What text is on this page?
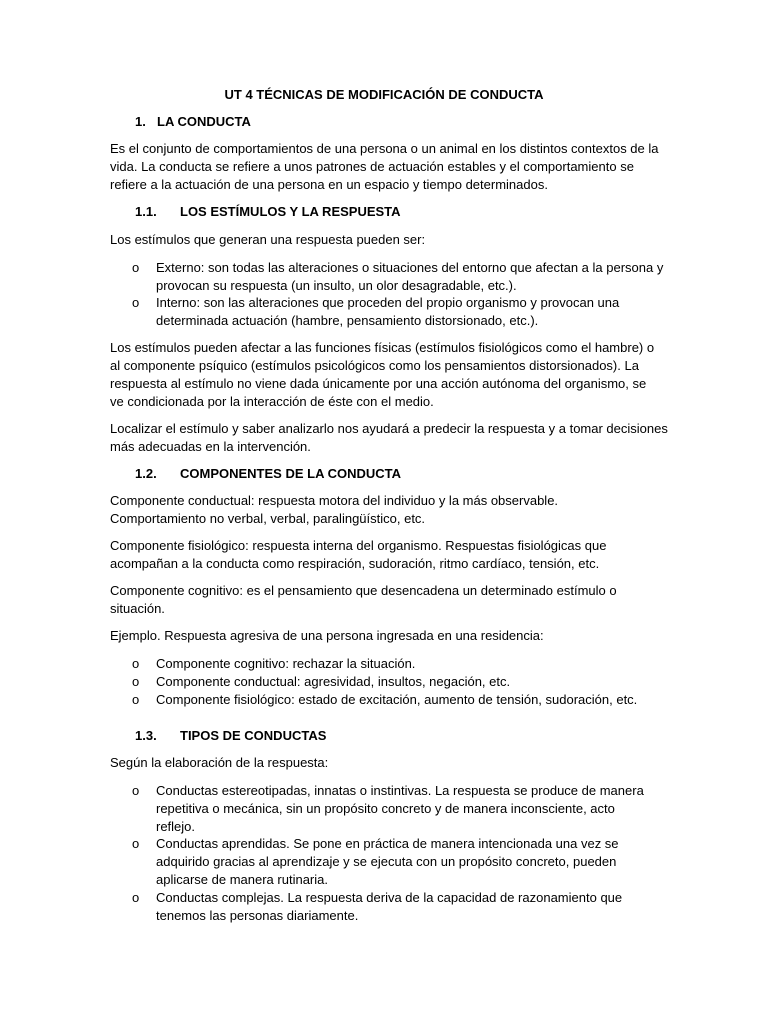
UT 4 TÉCNICAS DE MODIFICACIÓN DE CONDUCTA
1. LA CONDUCTA
Es el conjunto de comportamientos de una persona o un animal en los distintos contextos de la
vida. La conducta se refiere a unos patrones de actuación estables y el comportamiento se
refiere a la actuación de una persona en un espacio y tiempo determinados.
1.1. LOS ESTÍMULOS Y LA RESPUESTA
Los estímulos que generan una respuesta pueden ser:
o Externo: son todas las alteraciones o situaciones del entorno que afectan a la persona y
provocan su respuesta (un insulto, un olor desagradable, etc.).
o Interno: son las alteraciones que proceden del propio organismo y provocan una
determinada actuación (hambre, pensamiento distorsionado, etc.).
Los estímulos pueden afectar a las funciones físicas (estímulos fisiológicos como el hambre) o
al componente psíquico (estímulos psicológicos como los pensamientos distorsionados). La
respuesta al estímulo no viene dada únicamente por una acción autónoma del organismo, se
ve condicionada por la interacción de éste con el medio.
Localizar el estímulo y saber analizarlo nos ayudará a predecir la respuesta y a tomar decisiones
más adecuadas en la intervención.
1.2. COMPONENTES DE LA CONDUCTA
Componente conductual: respuesta motora del individuo y la más observable.
Comportamiento no verbal, verbal, paralingüístico, etc.
Componente fisiológico: respuesta interna del organismo. Respuestas fisiológicas que
acompañan a la conducta como respiración, sudoración, ritmo cardíaco, tensión, etc.
Componente cognitivo: es el pensamiento que desencadena un determinado estímulo o
situación.
Ejemplo. Respuesta agresiva de una persona ingresada en una residencia:
o Componente cognitivo: rechazar la situación.
o Componente conductual: agresividad, insultos, negación, etc.
o Componente fisiológico: estado de excitación, aumento de tensión, sudoración, etc.
1.3. TIPOS DE CONDUCTAS
Según la elaboración de la respuesta:
o Conductas estereotipadas, innatas o instintivas. La respuesta se produce de manera
repetitiva o mecánica, sin un propósito concreto y de manera inconsciente, acto
reflejo.
o Conductas aprendidas. Se pone en práctica de manera intencionada una vez se
adquirido gracias al aprendizaje y se ejecuta con un propósito concreto, pueden
aplicarse de manera rutinaria.
o Conductas complejas. La respuesta deriva de la capacidad de razonamiento que
tenemos las personas diariamente.
